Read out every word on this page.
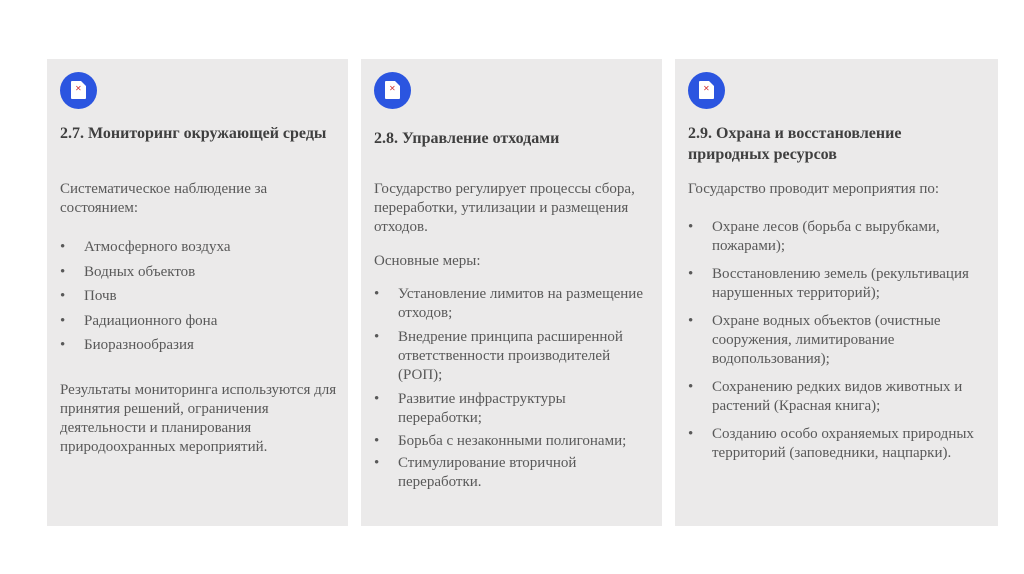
✕
2.7. Мониторинг окружающей среды

Систематическое наблюдение за состоянием:

• Атмосферного воздуха
• Водных объектов
• Почв
• Радиационного фона
• Биоразнообразия

Результаты мониторинга используются для принятия решений, ограничения деятельности и планирования природоохранных мероприятий.

✕
2.8. Управление отходами

Государство регулирует процессы сбора, переработки, утилизации и размещения отходов.

Основные меры:

• Установление лимитов на размещение отходов;
• Внедрение принципа расширенной ответственности производителей (РОП);
• Развитие инфраструктуры переработки;
• Борьба с незаконными полигонами;
• Стимулирование вторичной переработки.
✕
2.9. Охрана и восстановление природных ресурсов

Государство проводит мероприятия по:

• Охране лесов (борьба с вырубками, пожарами);
• Восстановлению земель (рекультивация нарушенных территорий);
• Охране водных объектов (очистные сооружения, лимитирование водопользования);
• Сохранению редких видов животных и растений (Красная книга);
• Созданию особо охраняемых природных территорий (заповедники, нацпарки).
